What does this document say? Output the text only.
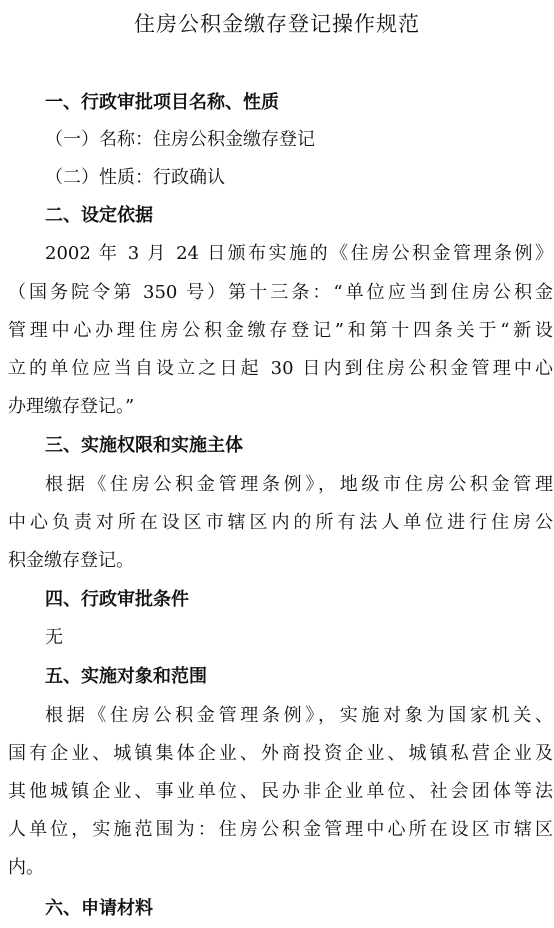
住房公积金缴存登记操作规范
一、行政审批项目名称、性质
（一）名称：住房公积金缴存登记
（二）性质：行政确认
二、设定依据
2002 年 3 月 24 日颁布实施的《住房公积金管理条例》
（国务院令第 350 号）第十三条：“单位应当到住房公积金
管理中心办理住房公积金缴存登记”和第十四条关于“新设
立的单位应当自设立之日起 30 日内到住房公积金管理中心
办理缴存登记。”
三、实施权限和实施主体
根据《住房公积金管理条例》，地级市住房公积金管理
中心负责对所在设区市辖区内的所有法人单位进行住房公
积金缴存登记。
四、行政审批条件
无
五、实施对象和范围
根据《住房公积金管理条例》，实施对象为国家机关、
国有企业、城镇集体企业、外商投资企业、城镇私营企业及
其他城镇企业、事业单位、民办非企业单位、社会团体等法
人单位，实施范围为：住房公积金管理中心所在设区市辖区
内。
六、申请材料
